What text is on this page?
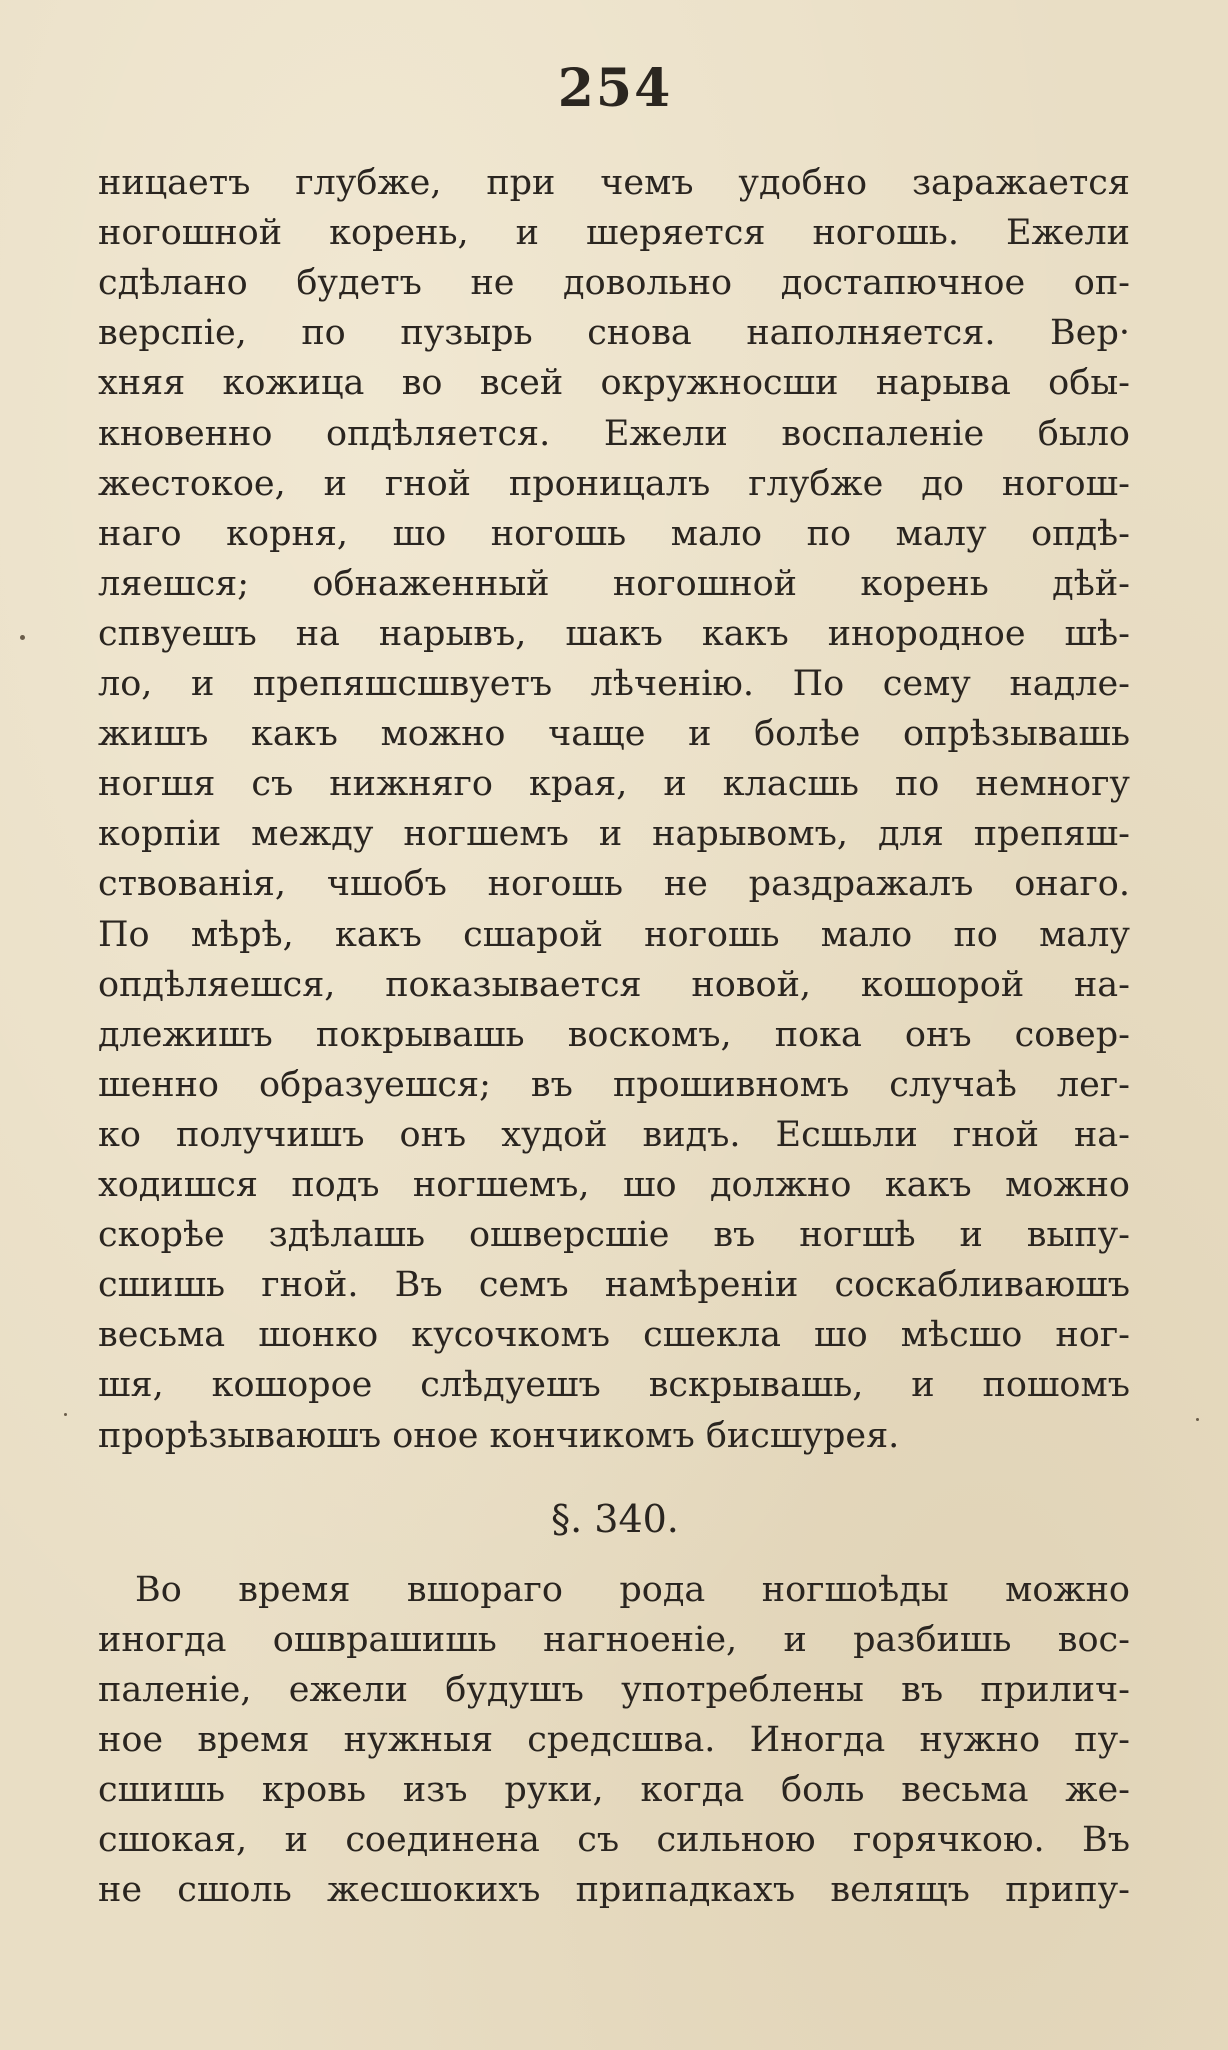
254
ницаетъ глубже, при чемъ удобно заражается
ногошной корень, и шеряется ногошь. Ежели
сдѣлано будетъ не довольно достапючное оп-
верспіе, по пузырь снова наполняется. Вер·
хняя кожица во всей окружносши нарыва обы-
кновенно опдѣляется. Ежели воспаленіе было
жестокое, и гной проницалъ глубже до ногош-
наго корня, шо ногошь мало по малу опдѣ-
ляешся; обнаженный ногошной корень дѣй-
спвуешъ на нарывъ, шакъ какъ инородное шѣ-
ло, и препяшсшвуетъ лѣченію. По сему надле-
жишъ какъ можно чаще и болѣе опрѣзывашь
ногшя съ нижняго края, и класшь по немногу
корпіи между ногшемъ и нарывомъ, для препяш-
ствованія, чшобъ ногошь не раздражалъ онаго.
По мѣрѣ, какъ сшарой ногошь мало по малу
опдѣляешся, показывается новой, кошорой на-
длежишъ покрывашь воскомъ, пока онъ совер-
шенно образуешся; въ прошивномъ случаѣ лег-
ко получишъ онъ худой видъ. Есшьли гной на-
ходишся подъ ногшемъ, шо должно какъ можно
скорѣе здѣлашь ошверсшіе въ ногшѣ и выпу-
сшишь гной. Въ семъ намѣреніи соскабливаюшъ
весьма шонко кусочкомъ сшекла шо мѣсшо ног-
шя, кошорое слѣдуешъ вскрывашь, и пошомъ
прорѣзываюшъ оное кончикомъ бисшурея.
§. 340.
Во время вшораго рода ногшоѣды можно
иногда ошврашишь нагноеніе, и разбишь вос-
паленіе, ежели будушъ употреблены въ прилич-
ное время нужныя средсшва. Иногда нужно пу-
сшишь кровь изъ руки, когда боль весьма же-
сшокая, и соединена съ сильною горячкою. Въ
не сшоль жесшокихъ припадкахъ велящъ припу-
